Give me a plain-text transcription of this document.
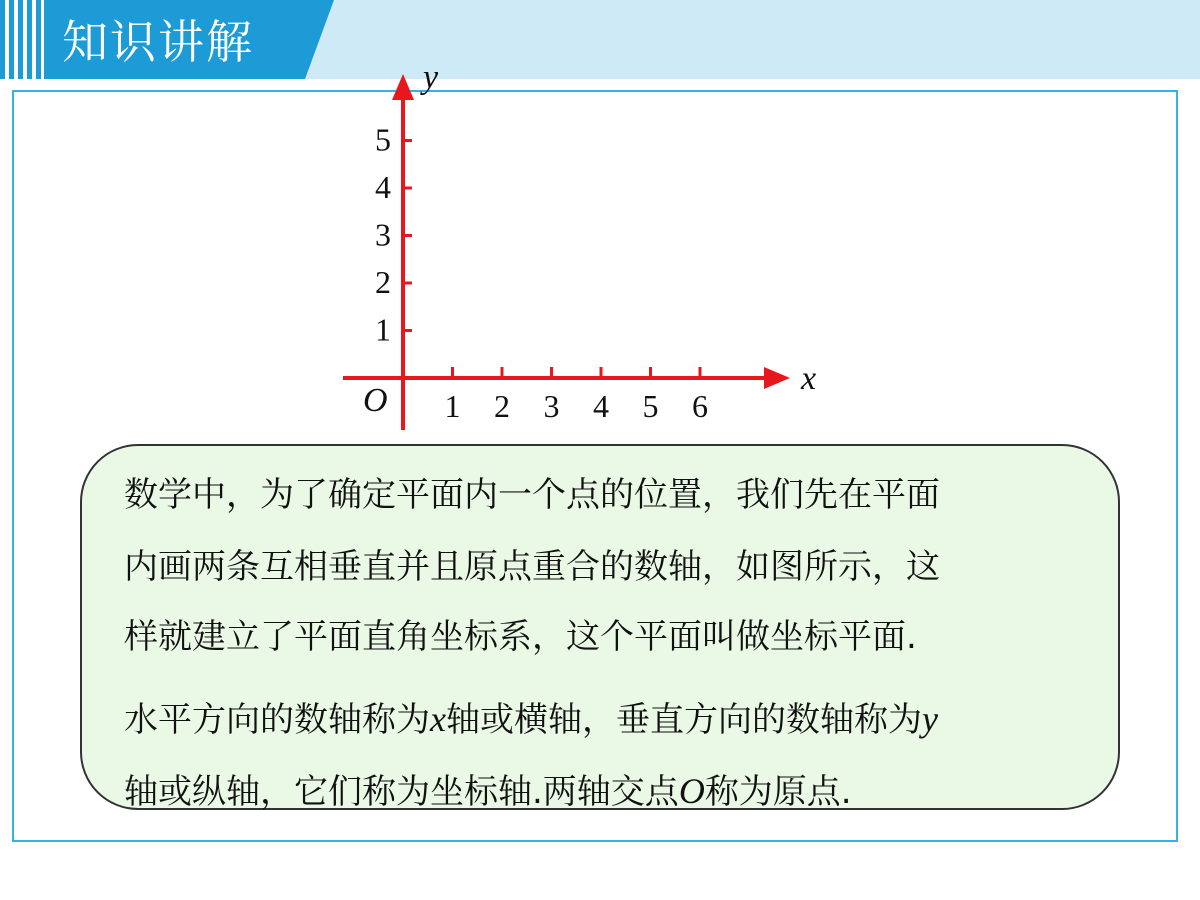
知识讲解
1 2 3 4 5 6
1
2
3
4
5
x
y
O
数学中，为了确定平面内一个点的位置，我们先在平面
内画两条互相垂直并且原点重合的数轴，如图所示，这
样就建立了平面直角坐标系，这个平面叫做坐标平面.
水平方向的数轴称为x轴或横轴，垂直方向的数轴称为y
轴或纵轴，它们称为坐标轴.两轴交点O称为原点.
